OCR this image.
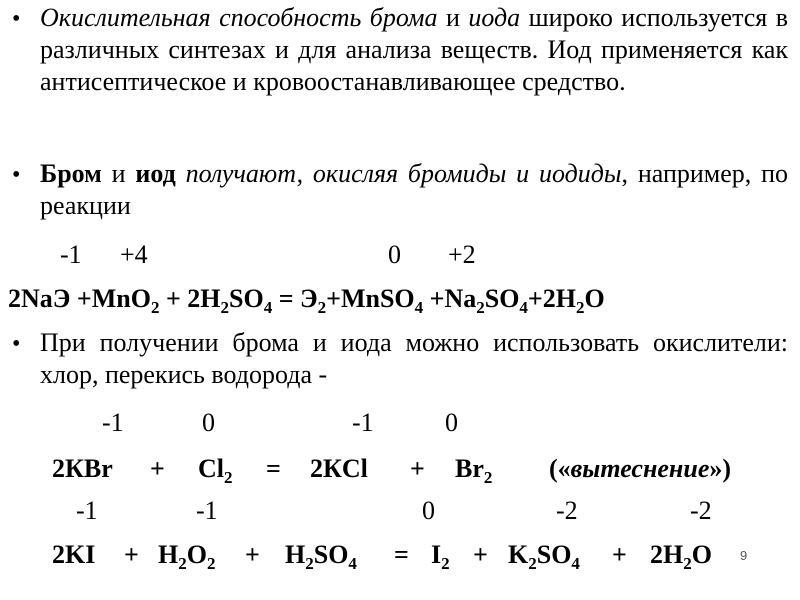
• Окислительная способность брома и иода широко используется в различных синтезах и для анализа веществ. Иод применяется как антисептическое и кровоостанавливающее средство.
• Бром и иод получают, окисляя бромиды и иодиды, например, по реакции
-1 +4	0 +2
$2NaЭ +MnO_2 + 2H_2SO_4$ = $Э_2+MnSO_4 +Na_2SO_4+2H_2O$
• При получении брома и иода можно использовать окислители: хлор, перекись водорода -
-1	0	-1	0
$2КBr + Cl_2 = 2КCl + Br_2$ («вытеснение»)
-1	-1	0	-2	-2
$2KI + H_2O_2 + H_2SO_4 = I_2 + K_2SO_4 + 2H_2O$ 9
